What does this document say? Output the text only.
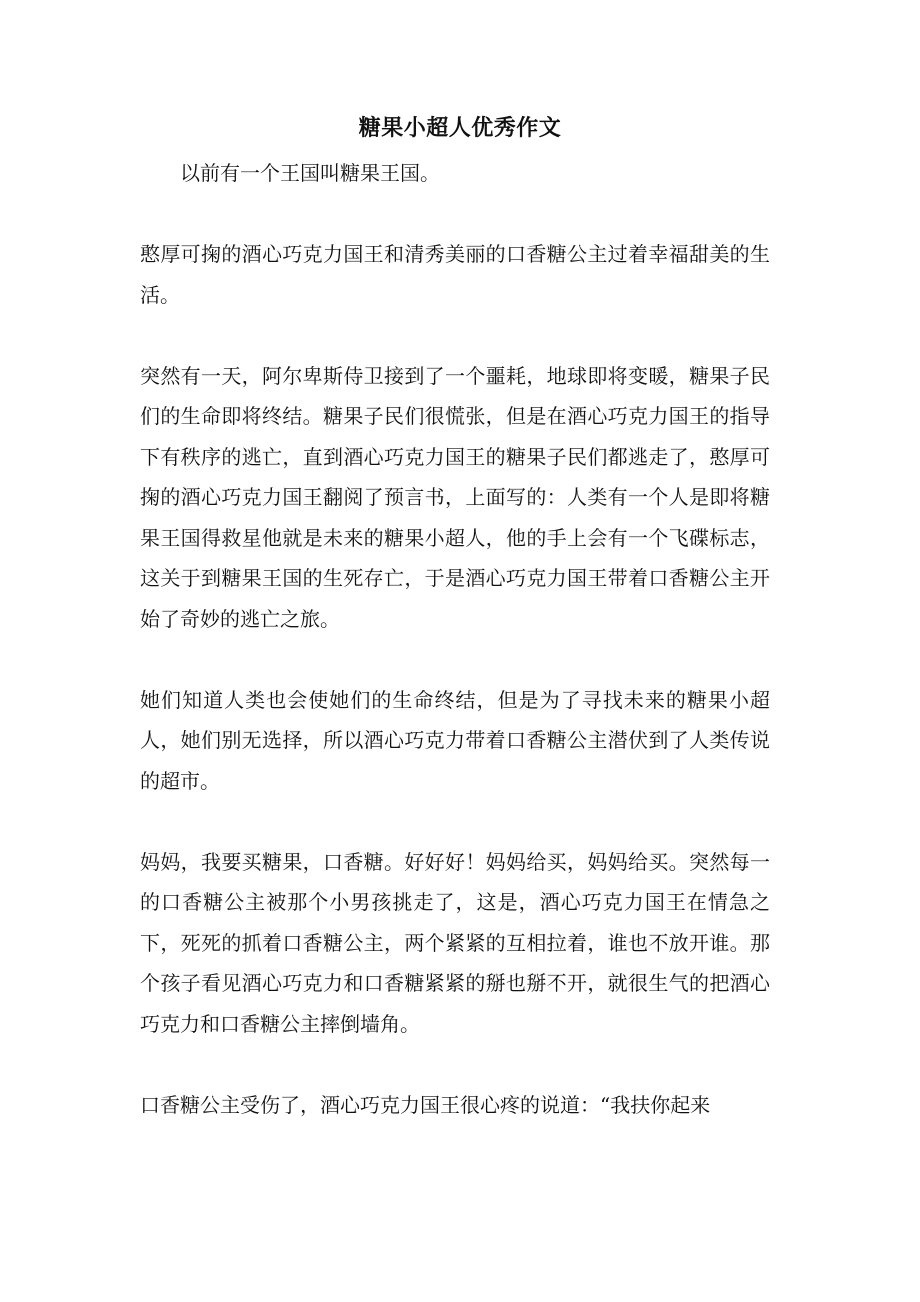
糖果小超人优秀作文

以前有一个王国叫糖果王国。

憨厚可掬的酒心巧克力国王和清秀美丽的口香糖公主过着幸福甜美的生活。

突然有一天，阿尔卑斯侍卫接到了一个噩耗，地球即将变暖，糖果子民们的生命即将终结。糖果子民们很慌张，但是在酒心巧克力国王的指导下有秩序的逃亡，直到酒心巧克力国王的糖果子民们都逃走了，憨厚可掬的酒心巧克力国王翻阅了预言书，上面写的：人类有一个人是即将糖果王国得救星他就是未来的糖果小超人，他的手上会有一个飞碟标志，这关于到糖果王国的生死存亡，于是酒心巧克力国王带着口香糖公主开始了奇妙的逃亡之旅。

她们知道人类也会使她们的生命终结，但是为了寻找未来的糖果小超人，她们别无选择，所以酒心巧克力带着口香糖公主潜伏到了人类传说的超市。

妈妈，我要买糖果，口香糖。好好好！妈妈给买，妈妈给买。突然每一的口香糖公主被那个小男孩挑走了，这是，酒心巧克力国王在情急之下，死死的抓着口香糖公主，两个紧紧的互相拉着，谁也不放开谁。那个孩子看见酒心巧克力和口香糖紧紧的掰也掰不开，就很生气的把酒心巧克力和口香糖公主摔倒墙角。

口香糖公主受伤了，酒心巧克力国王很心疼的说道：“我扶你起来
